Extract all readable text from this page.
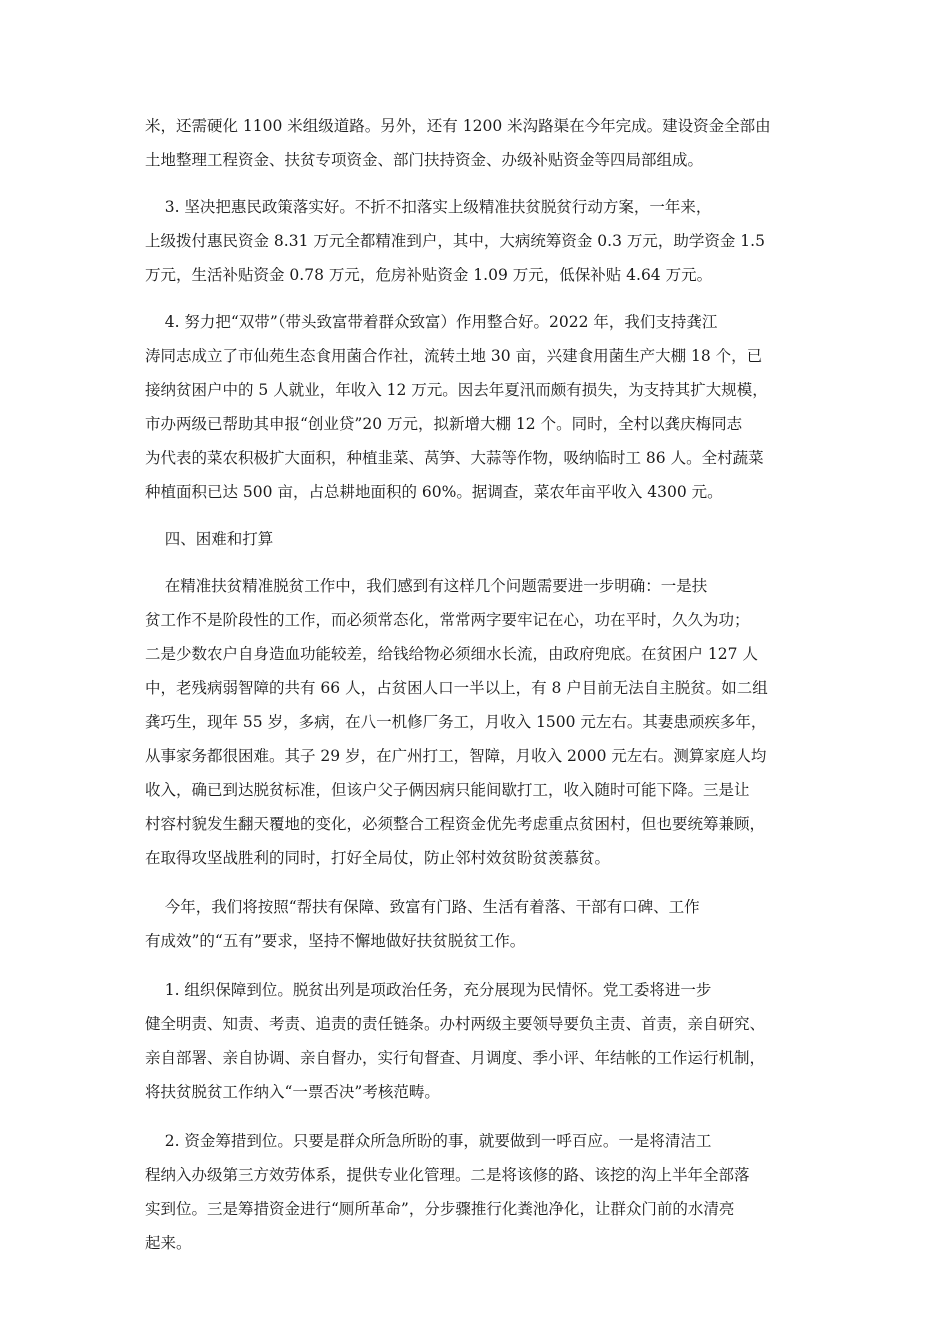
米，还需硬化 1100 米组级道路。另外，还有 1200 米沟路渠在今年完成。建设资金全部由
土地整理工程资金、扶贫专项资金、部门扶持资金、办级补贴资金等四局部组成。

3. 坚决把惠民政策落实好。不折不扣落实上级精准扶贫脱贫行动方案，一年来，
上级拨付惠民资金 8.31 万元全都精准到户，其中，大病统筹资金 0.3 万元，助学资金 1.5
万元，生活补贴资金 0.78 万元，危房补贴资金 1.09 万元，低保补贴 4.64 万元。

4. 努力把“双带”（带头致富带着群众致富）作用整合好。2022 年，我们支持龚江
涛同志成立了市仙苑生态食用菌合作社，流转土地 30 亩，兴建食用菌生产大棚 18 个，已
接纳贫困户中的 5 人就业，年收入 12 万元。因去年夏汛而颇有损失，为支持其扩大规模，
市办两级已帮助其申报“创业贷”20 万元，拟新增大棚 12 个。同时，全村以龚庆梅同志
为代表的菜农积极扩大面积，种植韭菜、莴笋、大蒜等作物，吸纳临时工 86 人。全村蔬菜
种植面积已达 500 亩，占总耕地面积的 60%。据调查，菜农年亩平收入 4300 元。

四、困难和打算

在精准扶贫精准脱贫工作中，我们感到有这样几个问题需要进一步明确：一是扶
贫工作不是阶段性的工作，而必须常态化，常常两字要牢记在心，功在平时，久久为功；
二是少数农户自身造血功能较差，给钱给物必须细水长流，由政府兜底。在贫困户 127 人
中，老残病弱智障的共有 66 人，占贫困人口一半以上，有 8 户目前无法自主脱贫。如二组
龚巧生，现年 55 岁，多病，在八一机修厂务工，月收入 1500 元左右。其妻患顽疾多年，
从事家务都很困难。其子 29 岁，在广州打工，智障，月收入 2000 元左右。测算家庭人均
收入，确已到达脱贫标准，但该户父子俩因病只能间歇打工，收入随时可能下降。三是让
村容村貌发生翻天覆地的变化，必须整合工程资金优先考虑重点贫困村，但也要统筹兼顾，
在取得攻坚战胜利的同时，打好全局仗，防止邻村效贫盼贫羡慕贫。

今年，我们将按照“帮扶有保障、致富有门路、生活有着落、干部有口碑、工作
有成效”的“五有”要求，坚持不懈地做好扶贫脱贫工作。

1. 组织保障到位。脱贫出列是项政治任务，充分展现为民情怀。党工委将进一步
健全明责、知责、考责、追责的责任链条。办村两级主要领导要负主责、首责，亲自研究、
亲自部署、亲自协调、亲自督办，实行旬督查、月调度、季小评、年结帐的工作运行机制，
将扶贫脱贫工作纳入“一票否决”考核范畴。

2. 资金筹措到位。只要是群众所急所盼的事，就要做到一呼百应。一是将清洁工
程纳入办级第三方效劳体系，提供专业化管理。二是将该修的路、该挖的沟上半年全部落
实到位。三是筹措资金进行“厕所革命”，分步骤推行化粪池净化，让群众门前的水清亮
起来。
